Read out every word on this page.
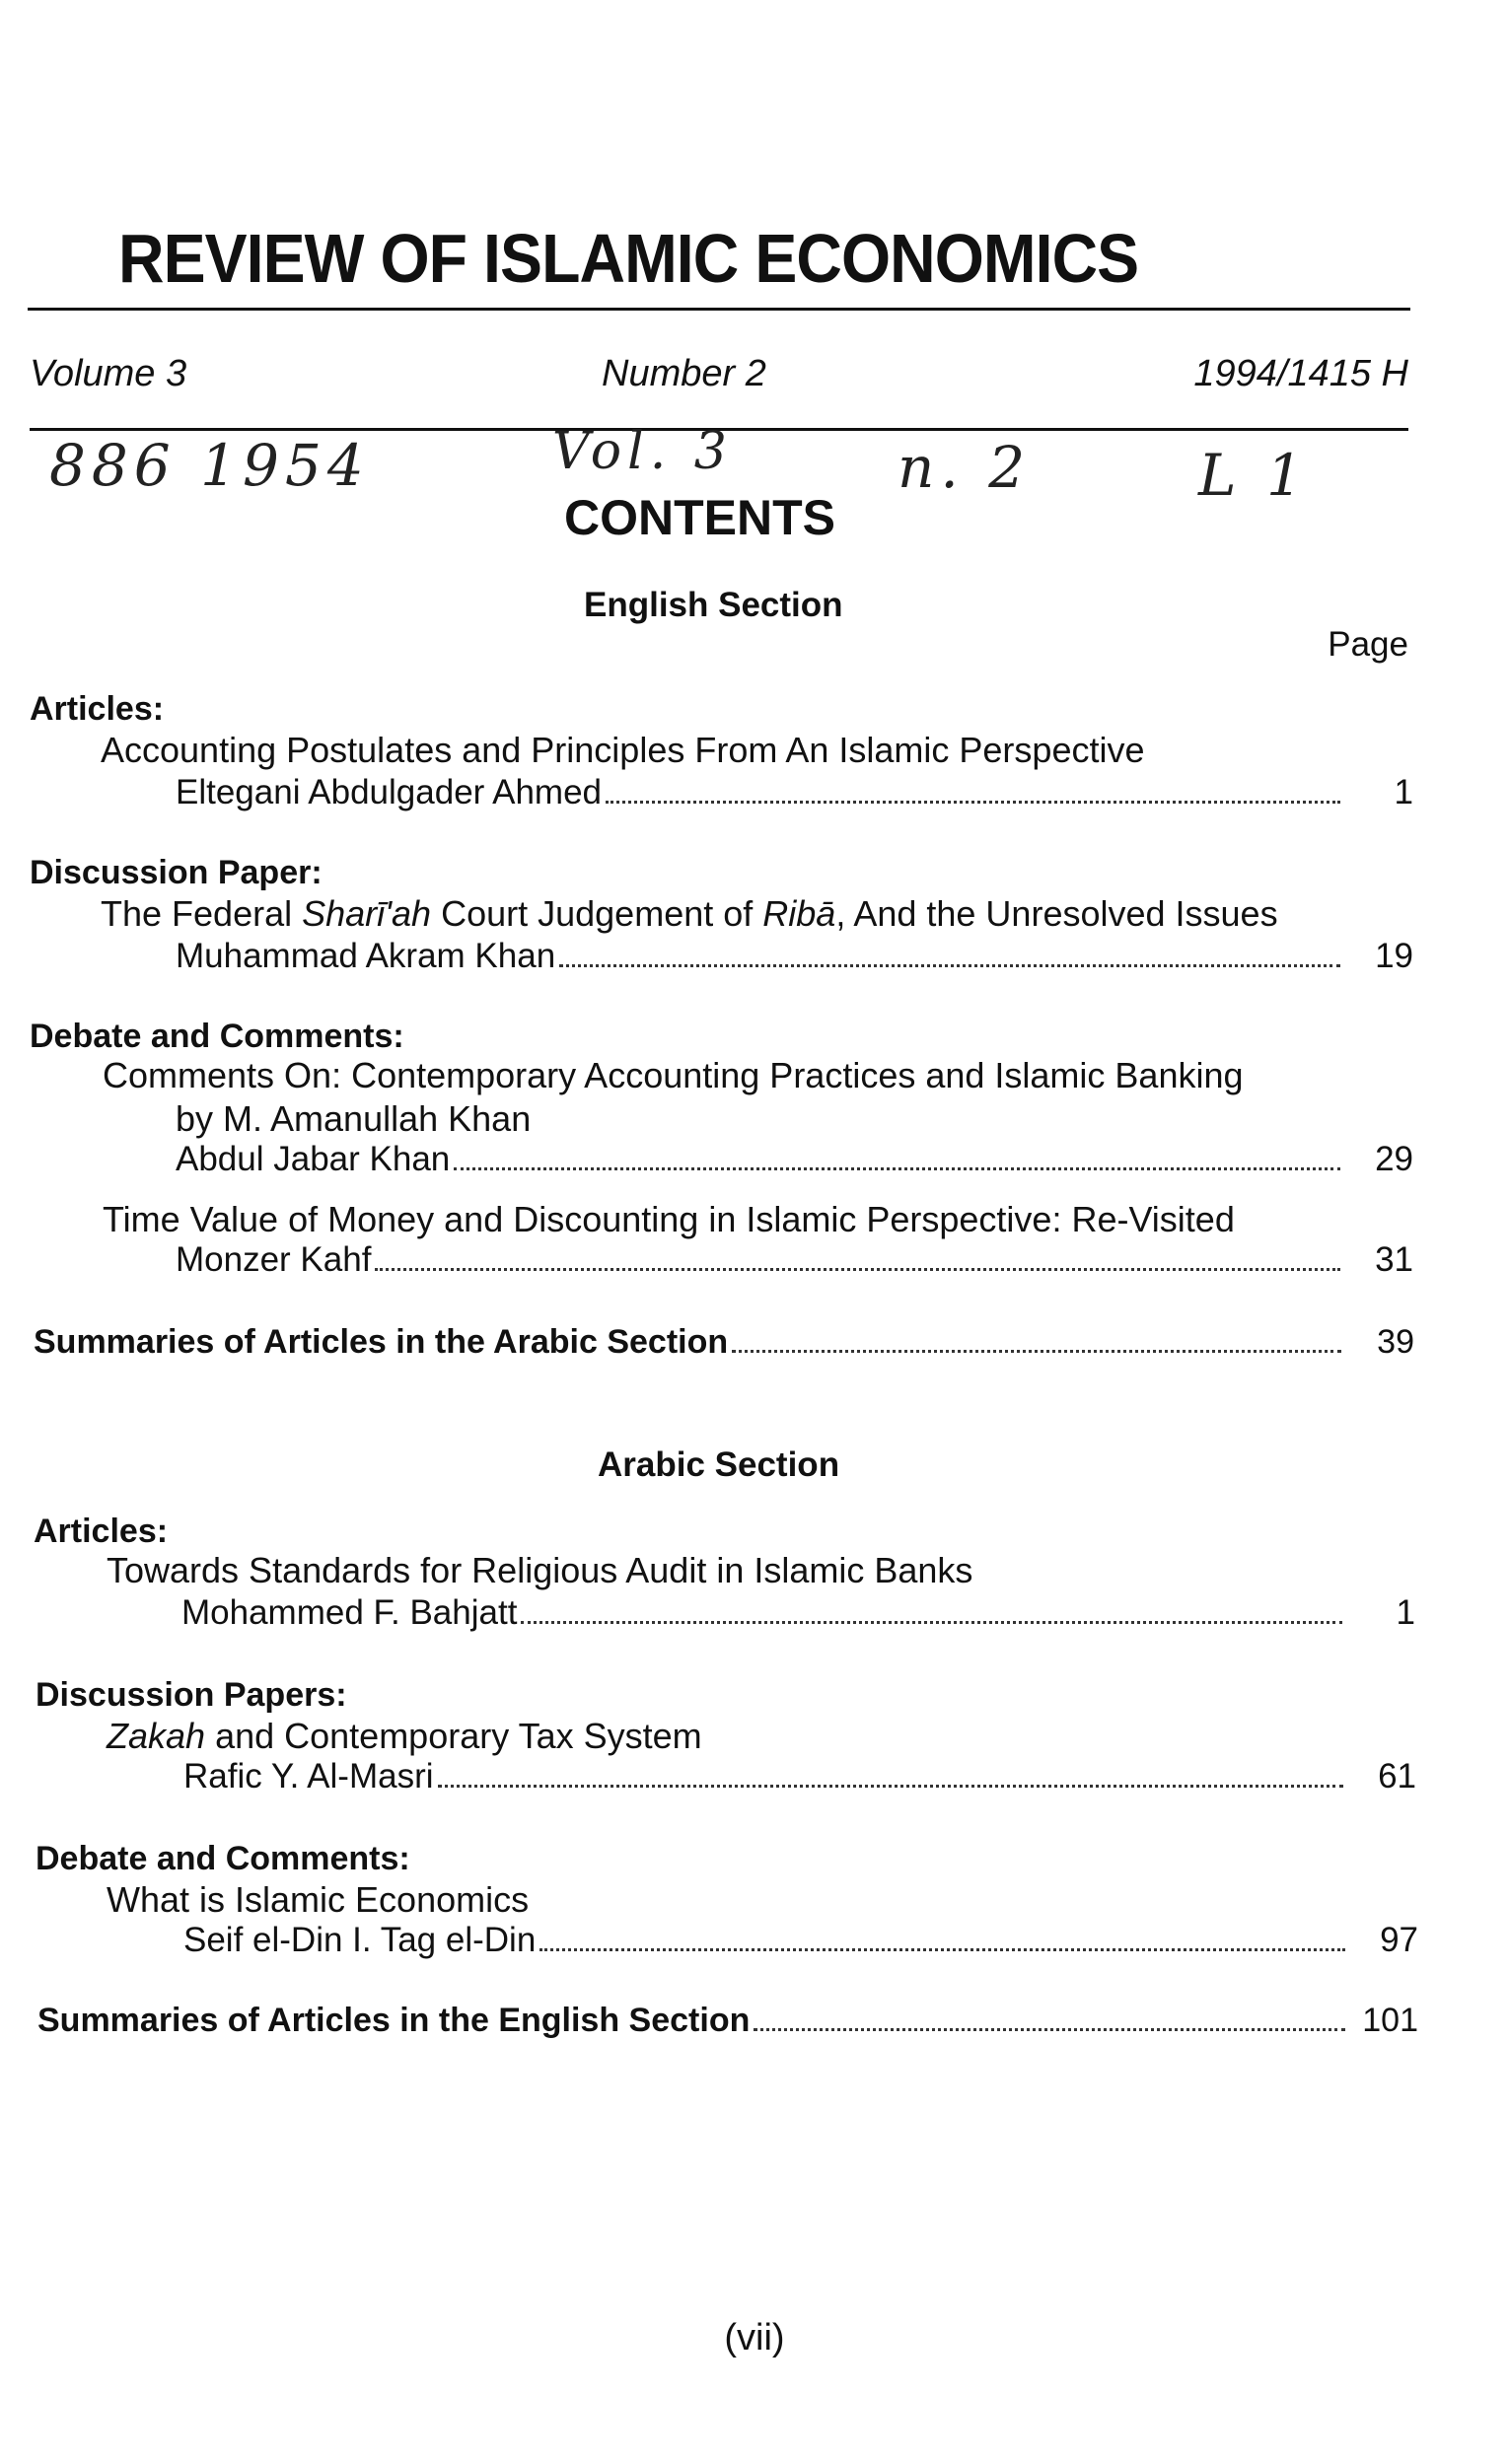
REVIEW OF ISLAMIC ECONOMICS
Volume 3	Number 2	1994/1415 H
886 1954	Vol. 3	n. 2	L 1
CONTENTS
English Section
Page
Articles:
Accounting Postulates and Principles From An Islamic Perspective
Eltegani Abdulgader Ahmed	1
Discussion Paper:
The Federal Sharī'ah Court Judgement of Ribā, And the Unresolved Issues
Muhammad Akram Khan	19
Debate and Comments:
Comments On: Contemporary Accounting Practices and Islamic Banking
by M. Amanullah Khan
Abdul Jabar Khan	29
Time Value of Money and Discounting in Islamic Perspective: Re-Visited
Monzer Kahf	31
Summaries of Articles in the Arabic Section	39
Arabic Section
Articles:
Towards Standards for Religious Audit in Islamic Banks
Mohammed F. Bahjatt	1
Discussion Papers:
Zakah and Contemporary Tax System
Rafic Y. Al-Masri	61
Debate and Comments:
What is Islamic Economics
Seif el-Din I. Tag el-Din	97
Summaries of Articles in the English Section	101
(vii)
